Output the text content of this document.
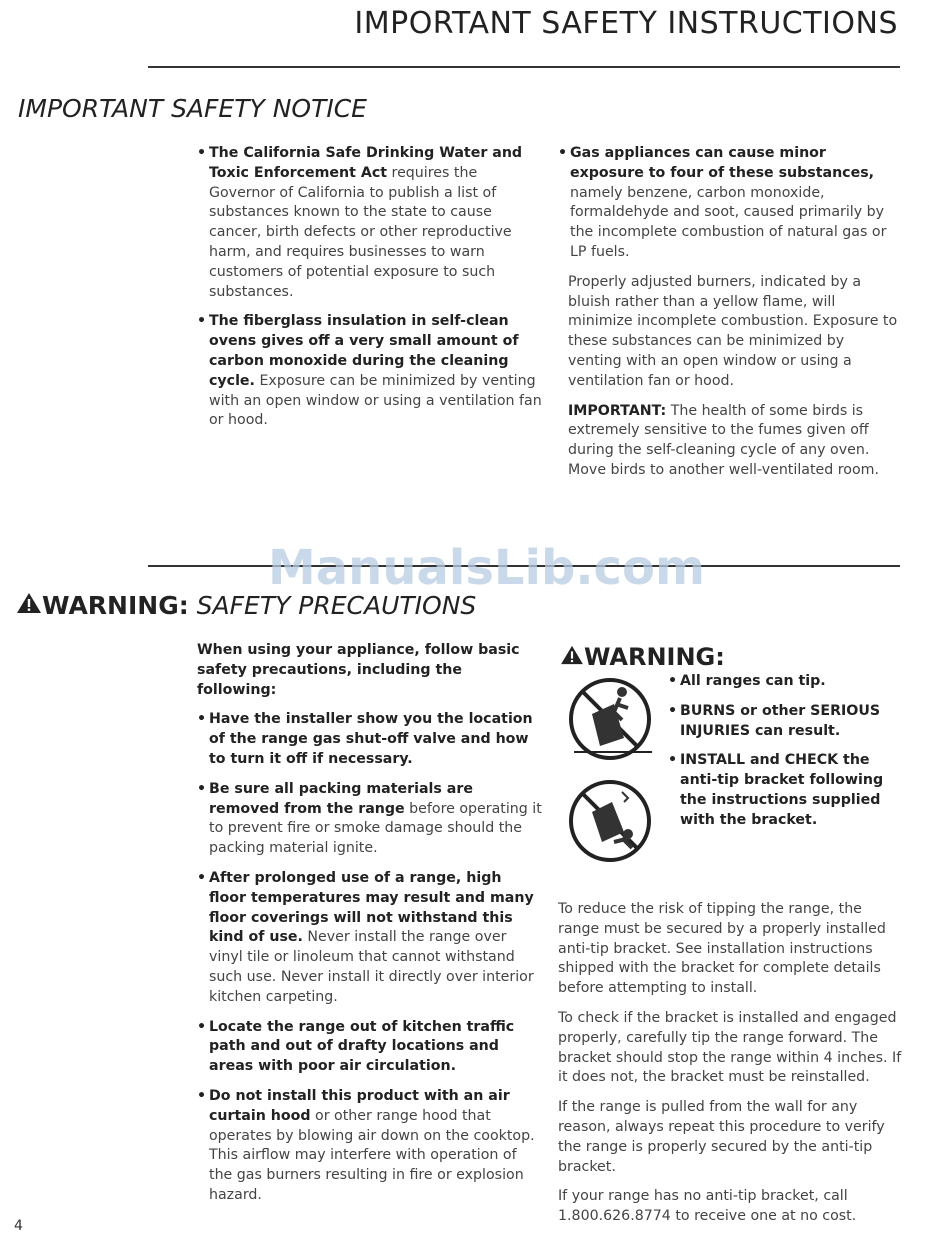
IMPORTANT SAFETY INSTRUCTIONS
IMPORTANT SAFETY NOTICE
• The California Safe Drinking Water and Toxic Enforcement Act requires the Governor of California to publish a list of substances known to the state to cause cancer, birth defects or other reproductive harm, and requires businesses to warn customers of potential exposure to such substances.
• The fiberglass insulation in self-clean ovens gives off a very small amount of carbon monoxide during the cleaning cycle. Exposure can be minimized by venting with an open window or using a ventilation fan or hood.
• Gas appliances can cause minor exposure to four of these substances, namely benzene, carbon monoxide, formaldehyde and soot, caused primarily by the incomplete combustion of natural gas or LP fuels.

Properly adjusted burners, indicated by a bluish rather than a yellow flame, will minimize incomplete combustion. Exposure to these substances can be minimized by venting with an open window or using a ventilation fan or hood.

IMPORTANT: The health of some birds is extremely sensitive to the fumes given off during the self-cleaning cycle of any oven. Move birds to another well-ventilated room.

ManualsLib.com
WARNING: SAFETY PRECAUTIONS

When using your appliance, follow basic safety precautions, including the following:

• Have the installer show you the location of the range gas shut-off valve and how to turn it off if necessary.
• Be sure all packing materials are removed from the range before operating it to prevent fire or smoke damage should the packing material ignite.
• After prolonged use of a range, high floor temperatures may result and many floor coverings will not withstand this kind of use. Never install the range over vinyl tile or linoleum that cannot withstand such use. Never install it directly over interior kitchen carpeting.
• Locate the range out of kitchen traffic path and out of drafty locations and areas with poor air circulation.
• Do not install this product with an air curtain hood or other range hood that operates by blowing air down on the cooktop. This airflow may interfere with operation of the gas burners resulting in fire or explosion hazard.
WARNING:
• All ranges can tip.
• BURNS or other SERIOUS INJURIES can result.
• INSTALL and CHECK the anti-tip bracket following the instructions supplied with the bracket.

To reduce the risk of tipping the range, the range must be secured by a properly installed anti-tip bracket. See installation instructions shipped with the bracket for complete details before attempting to install.

To check if the bracket is installed and engaged properly, carefully tip the range forward. The bracket should stop the range within 4 inches. If it does not, the bracket must be reinstalled.

If the range is pulled from the wall for any reason, always repeat this procedure to verify the range is properly secured by the anti-tip bracket.

If your range has no anti-tip bracket, call 1.800.626.8774 to receive one at no cost.

4
